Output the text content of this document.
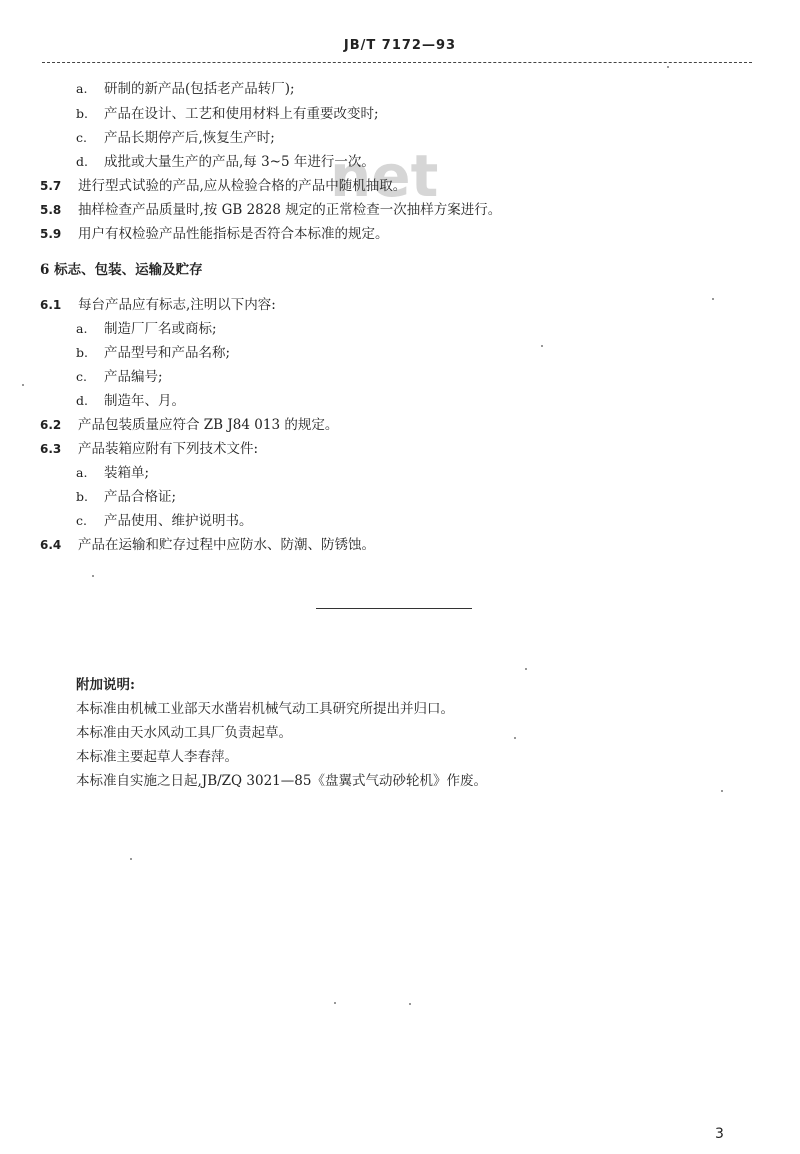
JB/T 7172—93
net
a. 研制的新产品(包括老产品转厂);
b. 产品在设计、工艺和使用材料上有重要改变时;
c. 产品长期停产后,恢复生产时;
d. 成批或大量生产的产品,每 3~5 年进行一次。
5.7 进行型式试验的产品,应从检验合格的产品中随机抽取。
5.8 抽样检查产品质量时,按 GB 2828 规定的正常检查一次抽样方案进行。
5.9 用户有权检验产品性能指标是否符合本标准的规定。
6 标志、包装、运输及贮存
6.1 每台产品应有标志,注明以下内容:
a. 制造厂厂名或商标;
b. 产品型号和产品名称;
c. 产品编号;
d. 制造年、月。
6.2 产品包装质量应符合 ZB J84 013 的规定。
6.3 产品装箱应附有下列技术文件:
a. 装箱单;
b. 产品合格证;
c. 产品使用、维护说明书。
6.4 产品在运输和贮存过程中应防水、防潮、防锈蚀。
附加说明:
本标准由机械工业部天水凿岩机械气动工具研究所提出并归口。
本标准由天水风动工具厂负责起草。
本标准主要起草人李春萍。
本标准自实施之日起,JB/ZQ 3021—85《盘翼式气动砂轮机》作废。
3
